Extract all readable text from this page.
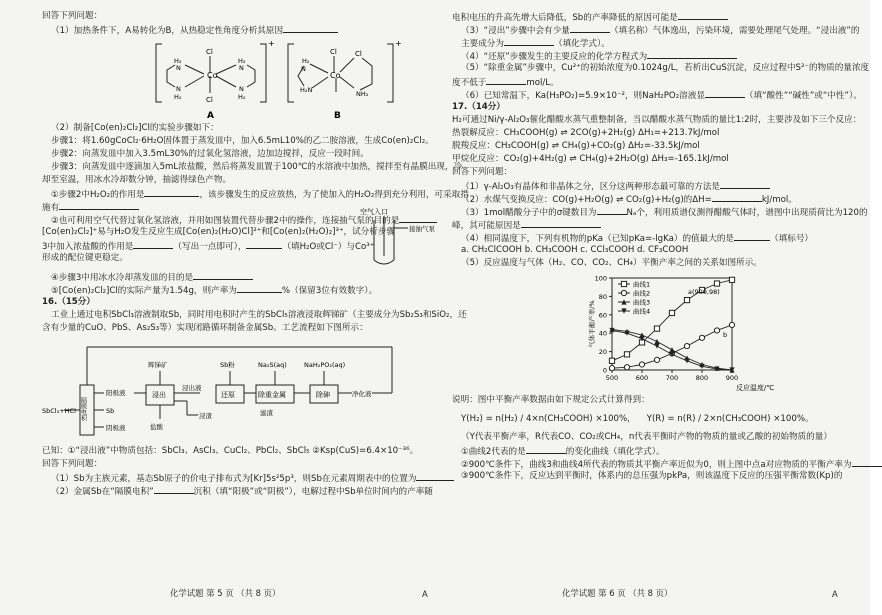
回答下列问题：
（1）加热条件下，A易转化为B，从热稳定性角度分析其原因
Co
Cl
Cl
H₂
N
N
H₂
H₂
N
N
H₂
+
A
Co
Cl	Cl
H₂
N
H₂N	NH₂
+
B
（2）制备[Co(en)₂Cl₂]Cl的实验步骤如下：
步骤1：将1.60gCoCl₂·6H₂O固体置于蒸发皿中，加入6.5mL10%的乙二胺溶液，生成Co(en)₂Cl₂。
步骤2：向蒸发皿中加入3.5mL30%的过氧化氢溶液，边加边搅拌，反应一段时间。
步骤3：向蒸发皿中逐滴加入5mL浓盐酸，然后将蒸发皿置于100℃的水溶液中加热，搅拌至有晶膜出现，冷
却至室温，用冰水冷却数分钟，抽滤得绿色产物。
①步骤2中H₂O₂的作用是	，该步骤发生的反应放热，为了使加入的H₂O₂得到充分利用，可采取措
施有
②也可利用空气代替过氧化氢溶液，并用如图装置代替步骤2中的操作，连接抽气泵的目的是
[Co(en)₂Cl₂]⁺易与H₂O发生反应生成[Co(en)₂(H₂O)Cl]²⁺和[Co(en)₂(H₂O)₂]³⁺，试分析步骤
3中加入浓盐酸的作用是	（写出一点即可），	（填H₂O或Cl⁻）与Co³⁺
形成的配位键更稳定。
空气入口
接抽气泵
④步骤3中用冰水冷却蒸发皿的目的是
⑤[Co(en)₂Cl₂]Cl的实际产量为1.54g，则产率为	%（保留3位有效数字）。
16.（15分）
工业上通过电积SbCl₃溶液制取Sb，同时用电积时产生的SbCl₅溶液浸取辉锑矿（主要成分为Sb₂S₃和SiO₂，还
含有少量的CuO、PbS、As₂S₃等）实现闭路循环制备金属Sb。工艺流程如下图所示：
SbCl₃+HCl 隔膜电积
阳极液
Sb
阴极液
辉锑矿
浸出
盐酸
浸出液
浸渣
Sb粉
还原
Na₂S(aq)
除重金属
滤渣
NaH₂PO₂(aq)
除砷	净化液
已知：①“浸出液”中物质包括：SbCl₃、AsCl₃、CuCl₂、PbCl₂、SbCl₅ ②Ksp(CuS)=6.4×10⁻³⁶。
回答下列问题：
（1）Sb为主族元素，基态Sb原子的价电子排布式为[Kr]5s²5p³，则Sb在元素周期表中的位置为
（2）金属Sb在“隔膜电积”	沉积（填“阳极”或“阴极”），电解过程中Sb单位时间内的产率随
化学试题 第 5 页 （共 8 页）	A
电积电压的升高先增大后降低，Sb的产率降低的原因可能是
（3）“浸出”步骤中会有少量	（填名称）气体逸出，污染环境，需要处理尾气处理。“浸出液”的
主要成分为	（填化学式）。
（4）“还原”步骤发生的主要反应的化学方程式为
（5）“除重金属”步骤中，Cu²⁺的初始浓度为0.1024g/L，若析出CuS沉淀，反应过程中S²⁻的物质的量浓度
度不低于	mol/L。
（6）已知常温下，Ka(H₃PO₂)=5.9×10⁻²，则NaH₂PO₂溶液显	（填“酸性”“碱性”或“中性”）。
17.（14分）
H₂可通过Ni/γ-Al₂O₃催化醋酸水蒸气重整制备，当以醋酸水蒸气物质的量比1:2时，主要涉及如下三个反应：
热裂解反应：CH₃COOH(g) ⇌ 2CO(g)+2H₂(g) ΔH₁=+213.7kJ/mol
脱羧反应：CH₃COOH(g) ⇌ CH₄(g)+CO₂(g) ΔH₂=-33.5kJ/mol
甲烷化反应：CO₂(g)+4H₂(g) ⇌ CH₄(g)+2H₂O(g) ΔH₃=-165.1kJ/mol
回答下列问题：
（1）γ-Al₂O₃有晶体和非晶体之分，区分这两种形态最可靠的方法是
（2）水煤气变换反应：CO(g)+H₂O(g) ⇌ CO₂(g)+H₂(g)的ΔH=	kJ/mol。
（3）1mol醋酸分子中的σ键数目为	Nₐ个，利用质谱仪测得醋酸气体时，谱图中出现质荷比为120的
峰，其可能原因是
（4）相同温度下，下列有机物的pKa（已知pKa=-lgKa）的值最大的是	（填标号）
a. CH₂ClCOOH b. CH₃COOH c. CCl₃COOH d. CF₃COOH
（5）反应温度与气体（H₂、CO、CO₂、CH₄）平衡产率之间的关系如图所示。
0
20
40
60
80
100
500	600	700	800	900
曲线1
曲线2
曲线3
曲线4
气体平衡产率/%
反应温度/℃
a(900,98)
b
说明：图中平衡产率数据由如下规定公式计算得到：
Y(H₂) = n(H₂) / 4×n(CH₃COOH) ×100%， Y(R) = n(R) / 2×n(CH₃COOH) ×100%。
（Y代表平衡产率，R代表CO、CO₂或CH₄，n代表平衡时产物的物质的量或乙酸的初始物质的量）
①曲线2代表的是	的变化曲线（填化学式）。
②900℃条件下，曲线3和曲线4所代表的物质其平衡产率近似为0，则上图中点a对应物质的平衡产率为
③900℃条件下，反应达到平衡时，体系内的总压强为pkPa，则该温度下反应的压强平衡常数(Kp)的
化学试题 第 6 页 （共 8 页）	A
